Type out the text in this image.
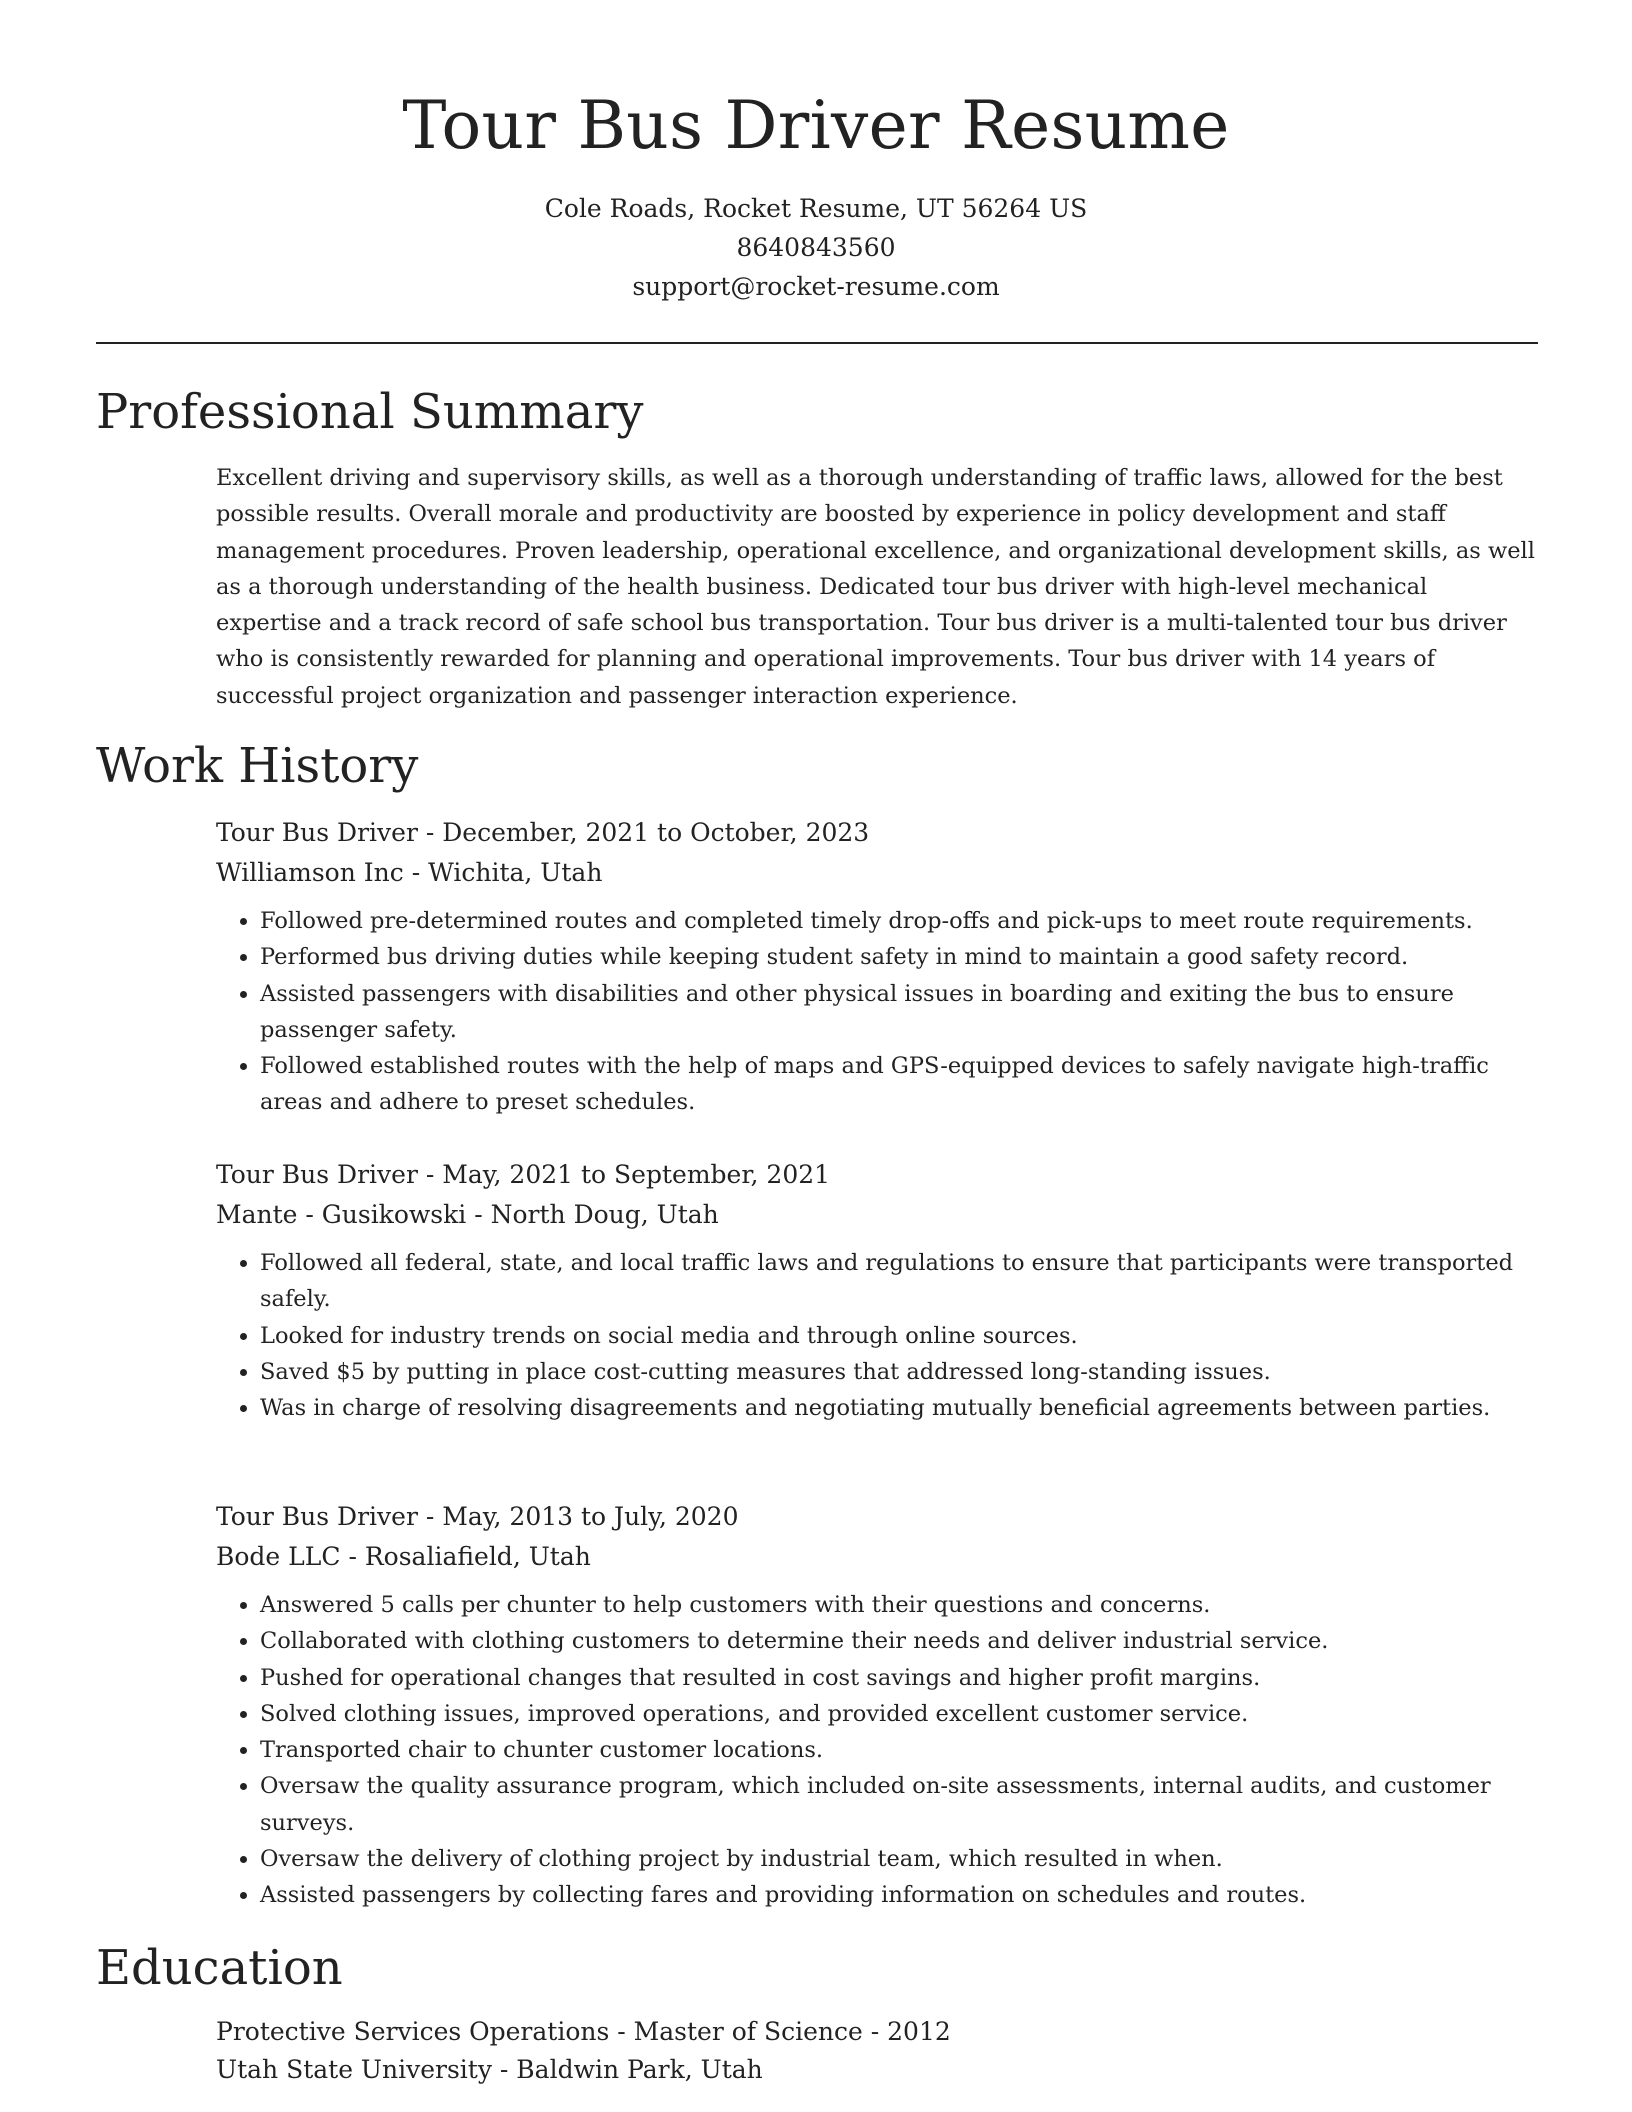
Tour Bus Driver Resume
Cole Roads, Rocket Resume, UT 56264 US
8640843560
support@rocket-resume.com
Professional Summary

Excellent driving and supervisory skills, as well as a thorough understanding of traffic laws, allowed for the best possible results. Overall morale and productivity are boosted by experience in policy development and staff management procedures. Proven leadership, operational excellence, and organizational development skills, as well as a thorough understanding of the health business. Dedicated tour bus driver with high-level mechanical expertise and a track record of safe school bus transportation. Tour bus driver is a multi-talented tour bus driver who is consistently rewarded for planning and operational improvements. Tour bus driver with 14 years of successful project organization and passenger interaction experience.

Work History
Tour Bus Driver - December, 2021 to October, 2023
Williamson Inc - Wichita, Utah
• Followed pre-determined routes and completed timely drop-offs and pick-ups to meet route requirements.
• Performed bus driving duties while keeping student safety in mind to maintain a good safety record.
• Assisted passengers with disabilities and other physical issues in boarding and exiting the bus to ensure passenger safety.
• Followed established routes with the help of maps and GPS-equipped devices to safely navigate high-traffic areas and adhere to preset schedules.
Tour Bus Driver - May, 2021 to September, 2021
Mante - Gusikowski - North Doug, Utah
• Followed all federal, state, and local traffic laws and regulations to ensure that participants were transported safely.
• Looked for industry trends on social media and through online sources.
• Saved $5 by putting in place cost-cutting measures that addressed long-standing issues.
• Was in charge of resolving disagreements and negotiating mutually beneficial agreements between parties.
Tour Bus Driver - May, 2013 to July, 2020
Bode LLC - Rosaliafield, Utah
• Answered 5 calls per chunter to help customers with their questions and concerns.
• Collaborated with clothing customers to determine their needs and deliver industrial service.
• Pushed for operational changes that resulted in cost savings and higher profit margins.
• Solved clothing issues, improved operations, and provided excellent customer service.
• Transported chair to chunter customer locations.
• Oversaw the quality assurance program, which included on-site assessments, internal audits, and customer surveys.
• Oversaw the delivery of clothing project by industrial team, which resulted in when.
• Assisted passengers by collecting fares and providing information on schedules and routes.
Education
Protective Services Operations - Master of Science - 2012
Utah State University - Baldwin Park, Utah
